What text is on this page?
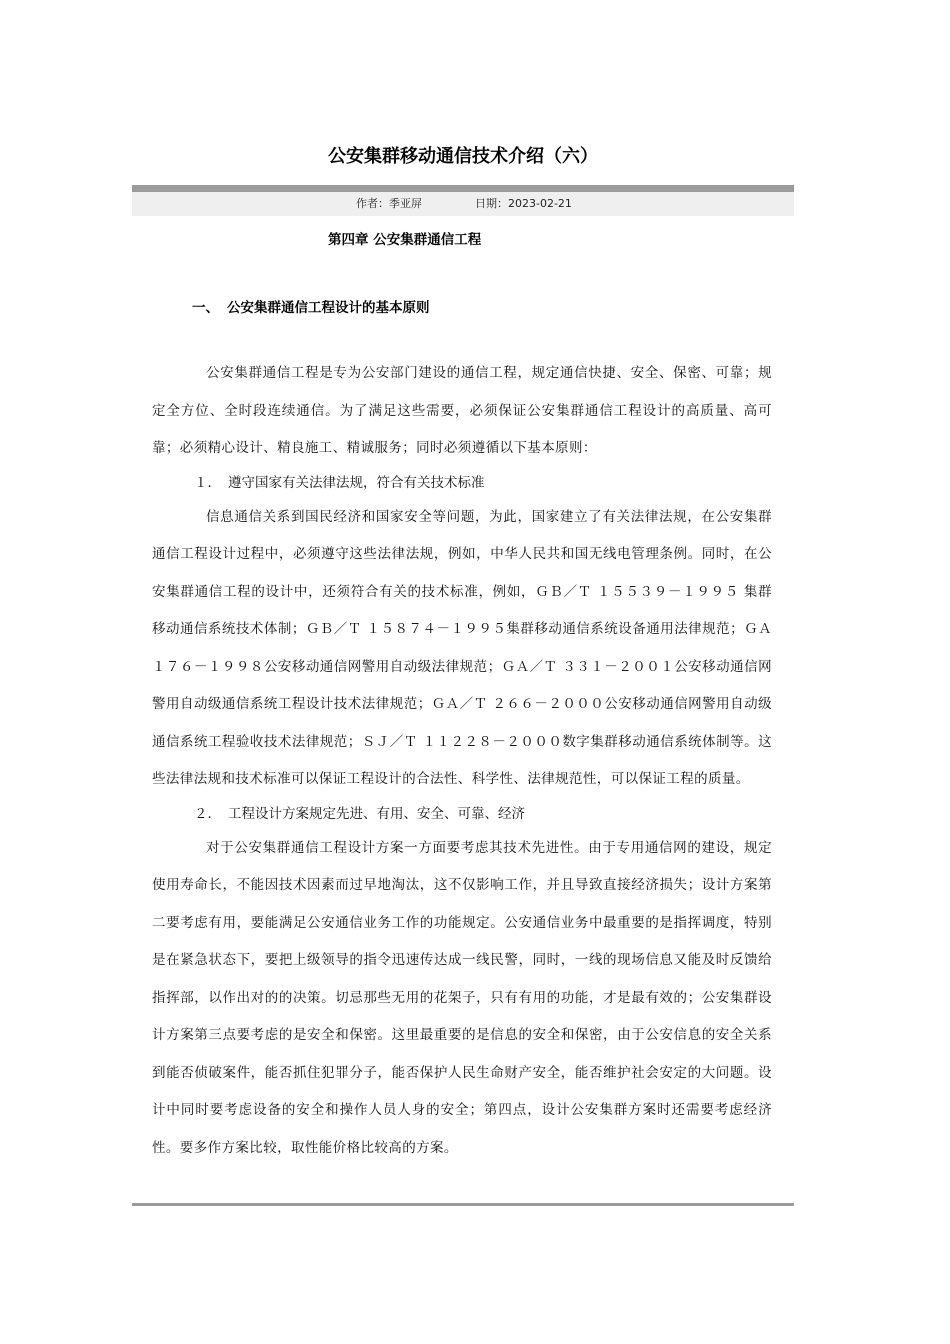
公安集群移动通信技术介绍（六）
作者：季亚屏	日期：2023-02-21
第四章 公安集群通信工程
一、 公安集群通信工程设计的基本原则

公安集群通信工程是专为公安部门建设的通信工程，规定通信快捷、安全、保密、可靠；规定全方位、全时段连续通信。为了满足这些需要，必须保证公安集群通信工程设计的高质量、高可靠；必须精心设计、精良施工、精诚服务；同时必须遵循以下基本原则：

１． 遵守国家有关法律法规，符合有关技术标准

信息通信关系到国民经济和国家安全等问题，为此，国家建立了有关法律法规，在公安集群通信工程设计过程中，必须遵守这些法律法规，例如，中华人民共和国无线电管理条例。同时，在公安集群通信工程的设计中，还须符合有关的技术标准，例如，ＧＢ／Ｔ １５５３９－１９９５ 集群移动通信系统技术体制；ＧＢ／Ｔ １５８７４－１９９５集群移动通信系统设备通用法律规范；ＧＡ １７６－１９９８公安移动通信网警用自动级法律规范；ＧＡ／Ｔ ３３１－２００１公安移动通信网警用自动级通信系统工程设计技术法律规范；ＧＡ／Ｔ ２６６－２０００公安移动通信网警用自动级通信系统工程验收技术法律规范；ＳＪ／Ｔ １１２２８－２０００数字集群移动通信系统体制等。这些法律法规和技术标准可以保证工程设计的合法性、科学性、法律规范性，可以保证工程的质量。

２． 工程设计方案规定先进、有用、安全、可靠、经济

对于公安集群通信工程设计方案一方面要考虑其技术先进性。由于专用通信网的建设，规定使用寿命长，不能因技术因素而过早地淘汰，这不仅影响工作，并且导致直接经济损失；设计方案第二要考虑有用，要能满足公安通信业务工作的功能规定。公安通信业务中最重要的是指挥调度，特别是在紧急状态下，要把上级领导的指令迅速传达成一线民警，同时，一线的现场信息又能及时反馈给指挥部，以作出对的的决策。切忌那些无用的花架子，只有有用的功能，才是最有效的；公安集群设计方案第三点要考虑的是安全和保密。这里最重要的是信息的安全和保密，由于公安信息的安全关系到能否侦破案件，能否抓住犯罪分子，能否保护人民生命财产安全，能否维护社会安定的大问题。设计中同时要考虑设备的安全和操作人员人身的安全；第四点，设计公安集群方案时还需要考虑经济性。要多作方案比较，取性能价格比较高的方案。
